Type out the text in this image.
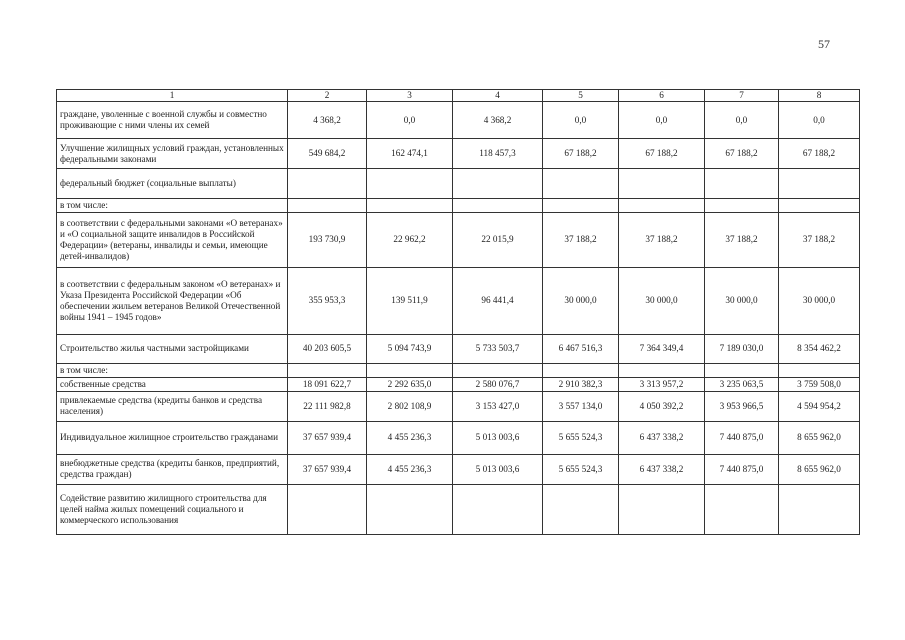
57
1	2	3	4	5	6	7	8
граждане, уволенные с военной службы и совместно проживающие с ними члены их семей	4 368,2	0,0	4 368,2	0,0	0,0	0,0	0,0
Улучшение жилищных условий граждан, установленных федеральными законами	549 684,2	162 474,1	118 457,3	67 188,2	67 188,2	67 188,2	67 188,2
федеральный бюджет (социальные выплаты)							
в том числе:							
в соответствии с федеральными законами «О ветеранах» и «О социальной защите инвалидов в Российской Федерации» (ветераны, инвалиды и семьи, имеющие детей-инвалидов)	193 730,9	22 962,2	22 015,9	37 188,2	37 188,2	37 188,2	37 188,2
в соответствии с федеральным законом «О ветеранах» и Указа Президента Российской Федерации «Об обеспечении жильем ветеранов Великой Отечественной войны 1941 – 1945 годов»	355 953,3	139 511,9	96 441,4	30 000,0	30 000,0	30 000,0	30 000,0
Строительство жилья частными застройщиками	40 203 605,5	5 094 743,9	5 733 503,7	6 467 516,3	7 364 349,4	7 189 030,0	8 354 462,2
в том числе:							
собственные средства	18 091 622,7	2 292 635,0	2 580 076,7	2 910 382,3	3 313 957,2	3 235 063,5	3 759 508,0
привлекаемые средства (кредиты банков и средства населения)	22 111 982,8	2 802 108,9	3 153 427,0	3 557 134,0	4 050 392,2	3 953 966,5	4 594 954,2
Индивидуальное жилищное строительство гражданами	37 657 939,4	4 455 236,3	5 013 003,6	5 655 524,3	6 437 338,2	7 440 875,0	8 655 962,0
внебюджетные средства (кредиты банков, предприятий, средства граждан)	37 657 939,4	4 455 236,3	5 013 003,6	5 655 524,3	6 437 338,2	7 440 875,0	8 655 962,0
Содействие развитию жилищного строительства для целей найма жилых помещений социального и коммерческого использования							
